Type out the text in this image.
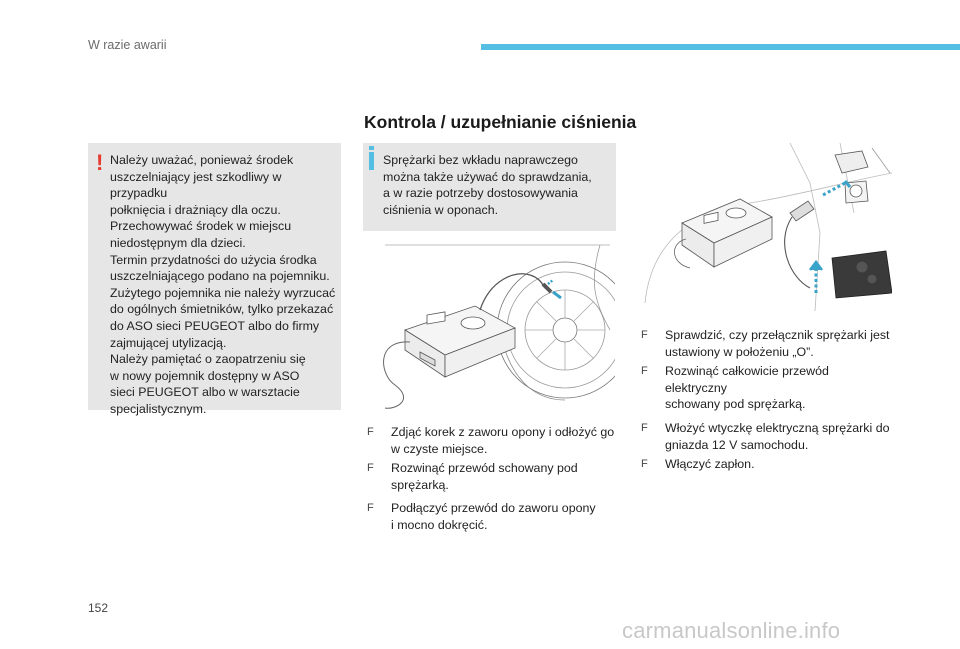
W razie awarii
Kontrola / uzupełnianie ciśnienia
! Należy uważać, ponieważ środek
uszczelniający jest szkodliwy w przypadku
połknięcia i drażniący dla oczu.
Przechowywać środek w miejscu
niedostępnym dla dzieci.
Termin przydatności do użycia środka
uszczelniającego podano na pojemniku.
Zużytego pojemnika nie należy wyrzucać
do ogólnych śmietników, tylko przekazać
do ASO sieci PEUGEOT albo do firmy
zajmującej utylizacją.
Należy pamiętać o zaopatrzeniu się
w nowy pojemnik dostępny w ASO
sieci PEUGEOT albo w warsztacie
specjalistycznym.
Sprężarki bez wkładu naprawczego
można także używać do sprawdzania,
a w razie potrzeby dostosowywania
ciśnienia w oponach.
F Zdjąć korek z zaworu opony i odłożyć go
w czyste miejsce.
F Rozwinąć przewód schowany pod
sprężarką.
F Podłączyć przewód do zaworu opony
i mocno dokręcić.
F Sprawdzić, czy przełącznik sprężarki jest
ustawiony w położeniu „O”.
F Rozwinąć całkowicie przewód elektryczny
schowany pod sprężarką.
F Włożyć wtyczkę elektryczną sprężarki do
gniazda 12 V samochodu.
F Włączyć zapłon.
152
carmanualsonline.info
